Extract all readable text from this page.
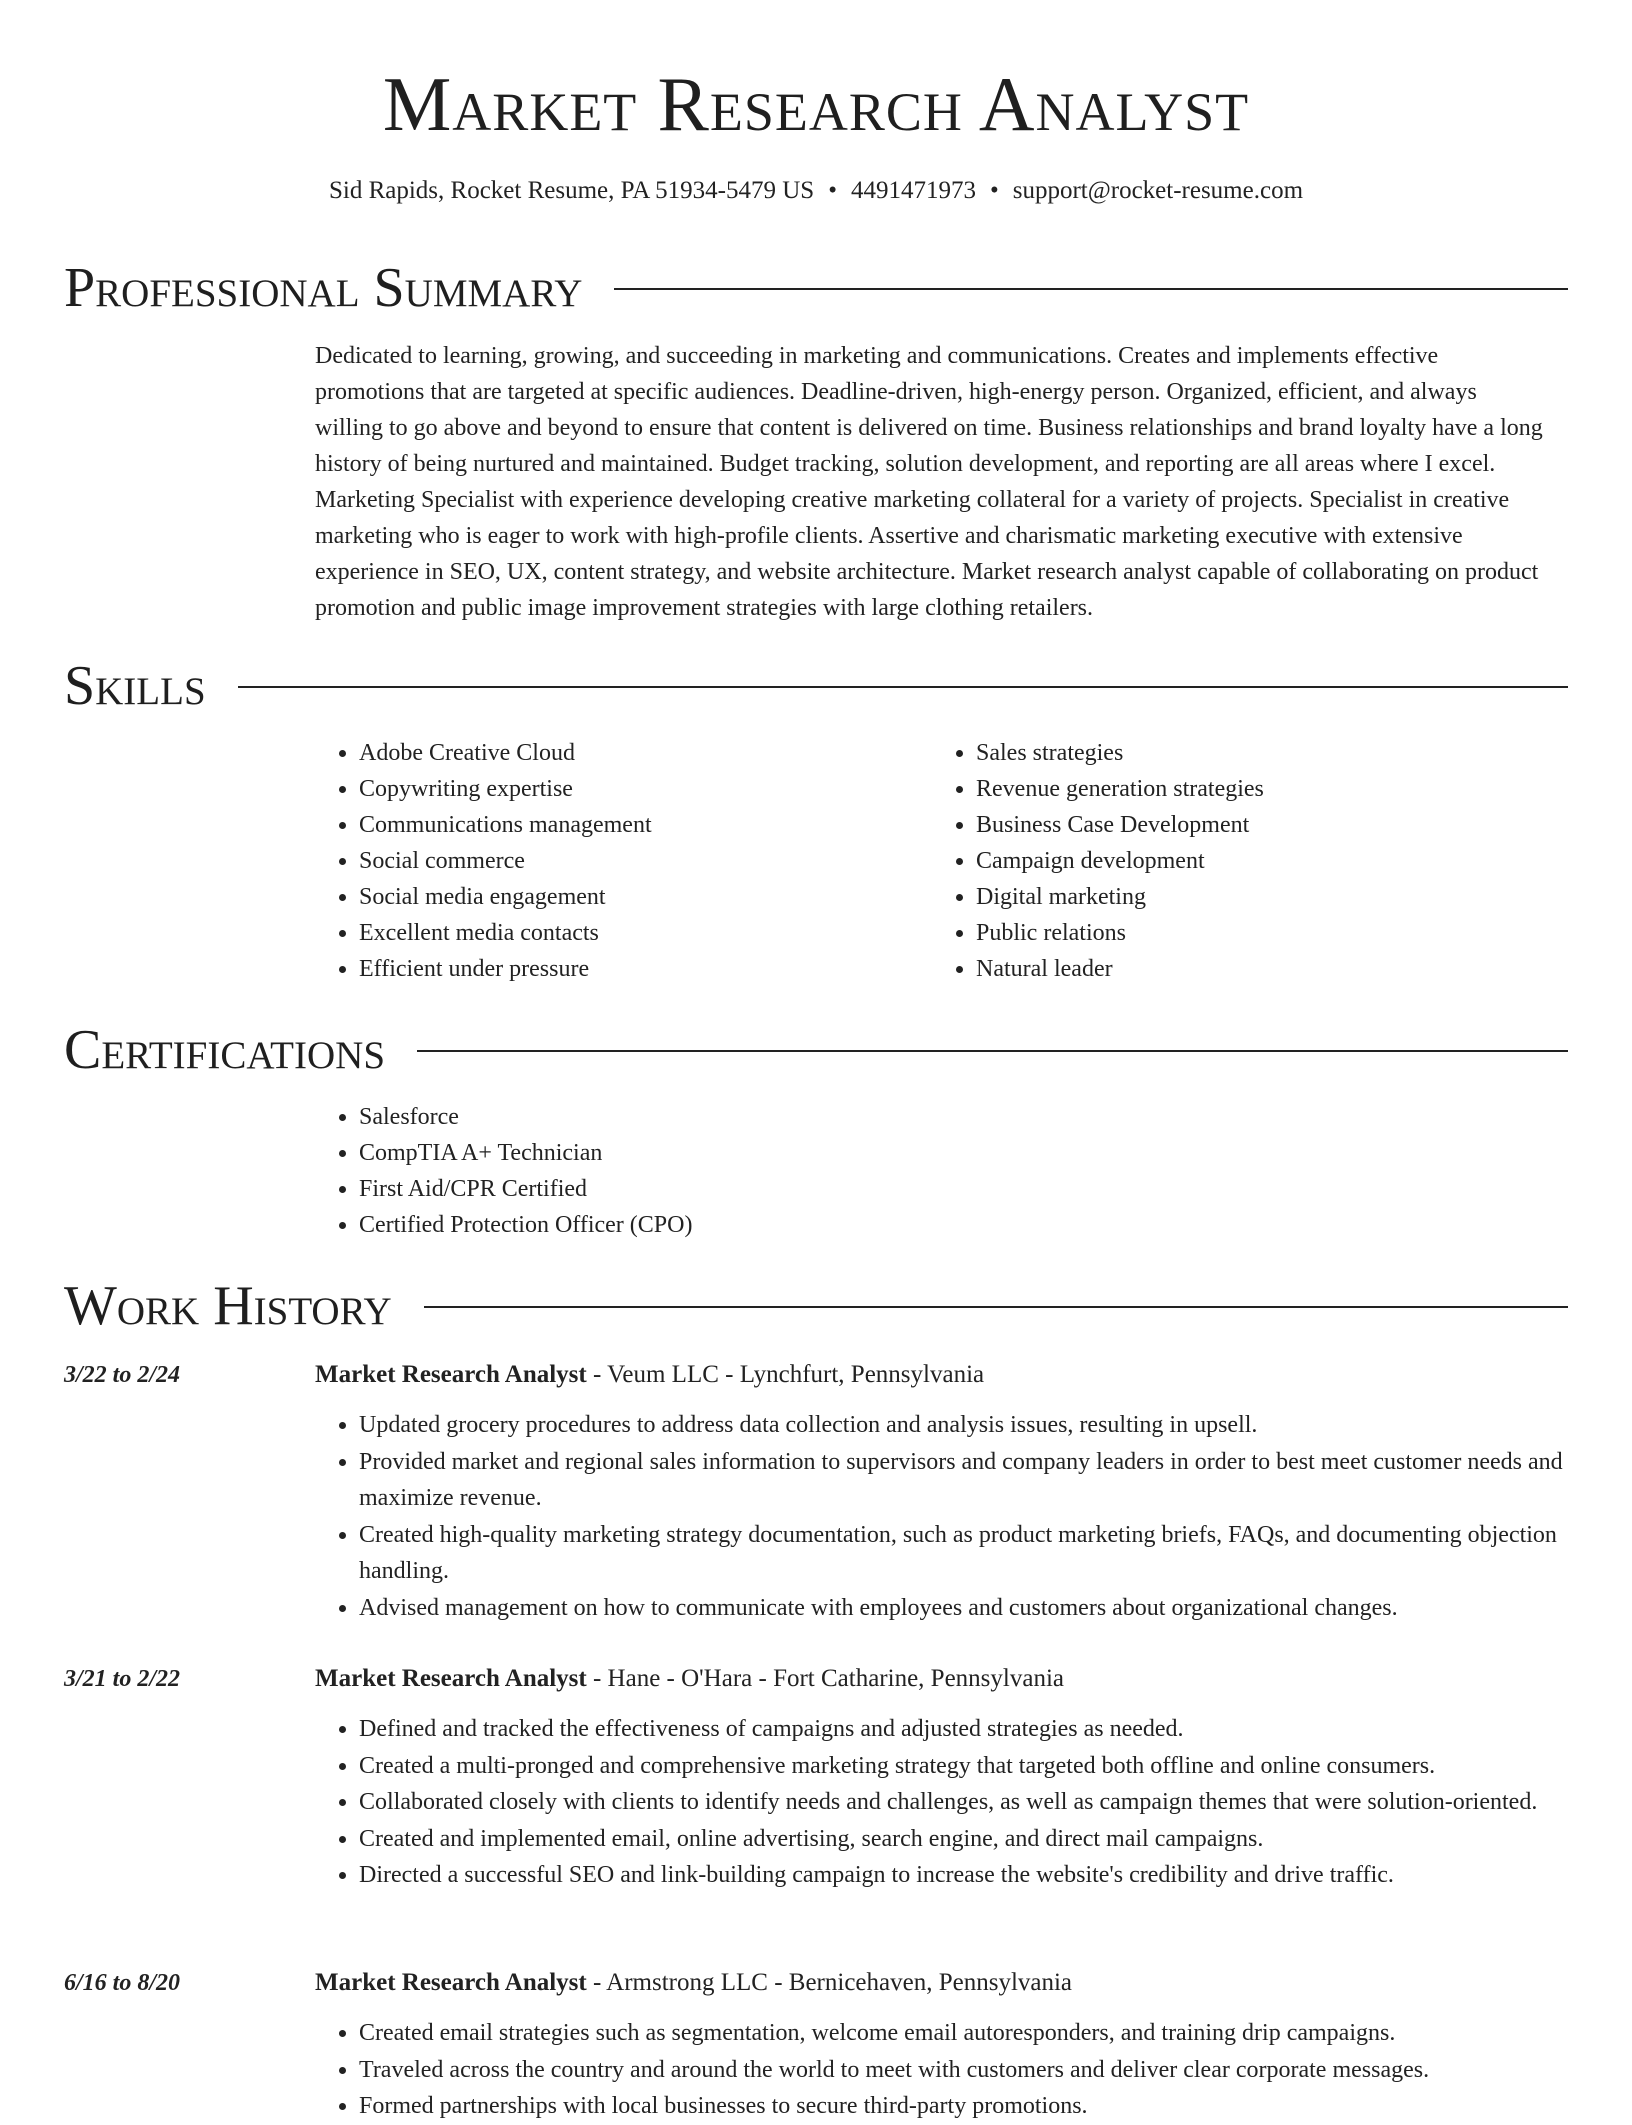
Market Research Analyst
Sid Rapids, Rocket Resume, PA 51934-5479 US • 4491471973 • support@rocket-resume.com
Professional Summary
Dedicated to learning, growing, and succeeding in marketing and communications. Creates and implements effective promotions that are targeted at specific audiences. Deadline-driven, high-energy person. Organized, efficient, and always willing to go above and beyond to ensure that content is delivered on time. Business relationships and brand loyalty have a long history of being nurtured and maintained. Budget tracking, solution development, and reporting are all areas where I excel. Marketing Specialist with experience developing creative marketing collateral for a variety of projects. Specialist in creative marketing who is eager to work with high-profile clients. Assertive and charismatic marketing executive with extensive experience in SEO, UX, content strategy, and website architecture. Market research analyst capable of collaborating on product promotion and public image improvement strategies with large clothing retailers.
Skills
• Adobe Creative Cloud
• Copywriting expertise
• Communications management
• Social commerce
• Social media engagement
• Excellent media contacts
• Efficient under pressure
• Sales strategies
• Revenue generation strategies
• Business Case Development
• Campaign development
• Digital marketing
• Public relations
• Natural leader
Certifications
• Salesforce
• CompTIA A+ Technician
• First Aid/CPR Certified
• Certified Protection Officer (CPO)
Work History
3/22 to 2/24	Market Research Analyst - Veum LLC - Lynchfurt, Pennsylvania
• Updated grocery procedures to address data collection and analysis issues, resulting in upsell.
• Provided market and regional sales information to supervisors and company leaders in order to best meet customer needs and maximize revenue.
• Created high-quality marketing strategy documentation, such as product marketing briefs, FAQs, and documenting objection handling.
• Advised management on how to communicate with employees and customers about organizational changes.
3/21 to 2/22	Market Research Analyst - Hane - O'Hara - Fort Catharine, Pennsylvania
• Defined and tracked the effectiveness of campaigns and adjusted strategies as needed.
• Created a multi-pronged and comprehensive marketing strategy that targeted both offline and online consumers.
• Collaborated closely with clients to identify needs and challenges, as well as campaign themes that were solution-oriented.
• Created and implemented email, online advertising, search engine, and direct mail campaigns.
• Directed a successful SEO and link-building campaign to increase the website's credibility and drive traffic.
6/16 to 8/20	Market Research Analyst - Armstrong LLC - Bernicehaven, Pennsylvania
• Created email strategies such as segmentation, welcome email autoresponders, and training drip campaigns.
• Traveled across the country and around the world to meet with customers and deliver clear corporate messages.
• Formed partnerships with local businesses to secure third-party promotions.
